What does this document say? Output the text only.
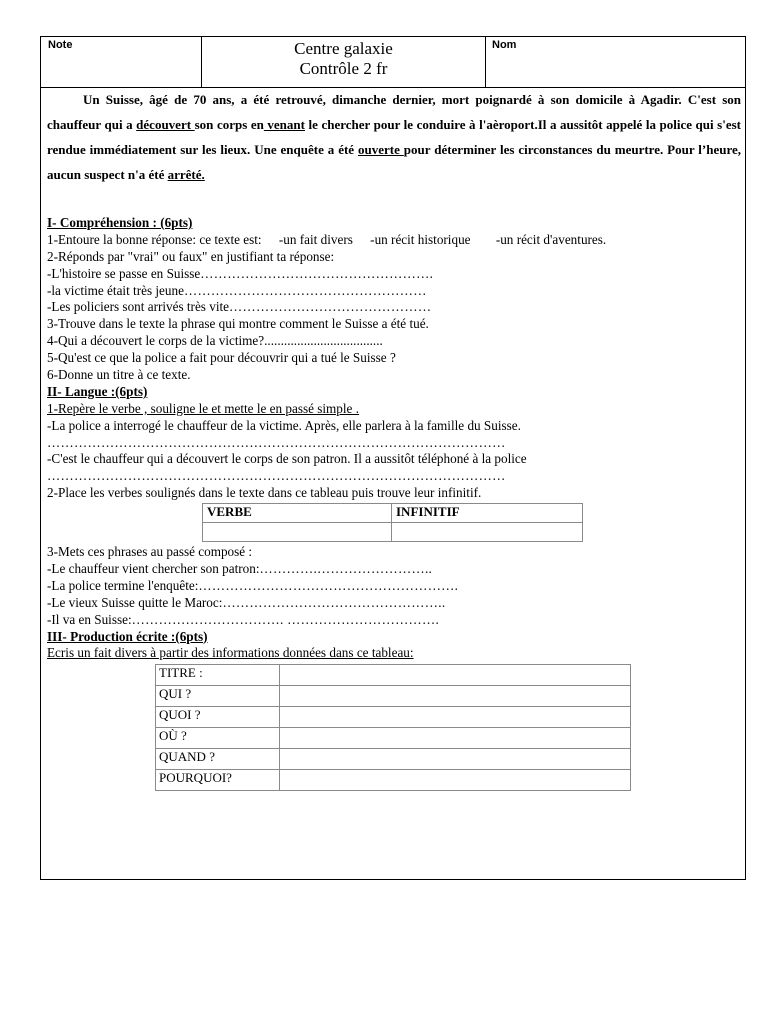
Note	Centre galaxie
Contrôle 2 fr
Nom
Un Suisse, âgé de 70 ans, a été retrouvé, dimanche dernier, mort poignardé à son domicile à Agadir. C'est son chauffeur qui a découvert son corps en venant le chercher pour le conduire à l'aèroport.Il a aussitôt appelé la police qui s'est rendue immédiatement sur les lieux. Une enquête a été ouverte pour déterminer les circonstances du meurtre. Pour l’heure, aucun suspect n'a été arrêté.
I- Compréhension : (6pts)
1-Entoure la bonne réponse: ce texte est: -un fait divers -un récit historique -un récit d'aventures.
2-Réponds par "vrai" ou faux" en justifiant ta réponse:
-L'histoire se passe en Suisse…………………………………………….
-la victime était très jeune………………………………………………
-Les policiers sont arrivés très vite………………………………………
3-Trouve dans le texte la phrase qui montre comment le Suisse a été tué.
4-Qui a découvert le corps de la victime?....................................
5-Qu'est ce que la police a fait pour découvrir qui a tué le Suisse ?
6-Donne un titre à ce texte.
II- Langue :(6pts)
1-Repère le verbe , souligne le et mette le en passé simple .
-La police a interrogé le chauffeur de la victime. Après, elle parlera à la famille du Suisse.
…………………………………………………………………………………………
-C'est le chauffeur qui a découvert le corps de son patron. Il a aussitôt téléphoné à la police
…………………………………………………………………………………………
2-Place les verbes soulignés dans le texte dans ce tableau puis trouve leur infinitif.
3-Mets ces phrases au passé composé :
-Le chauffeur vient chercher son patron:………….……………………..
-La police termine l'enquête:………………………………………………….
-Le vieux Suisse quitte le Maroc:…………………………………………..
-Il va en Suisse:……………………………. …………………………….
III- Production écrite :(6pts)
Ecris un fait divers à partir des informations données dans ce tableau:
VERBE	INFINITIF

TITRE :	
QUI ?	
QUOI ?	
OÙ ?	
QUAND ?	
POURQUOI?	
